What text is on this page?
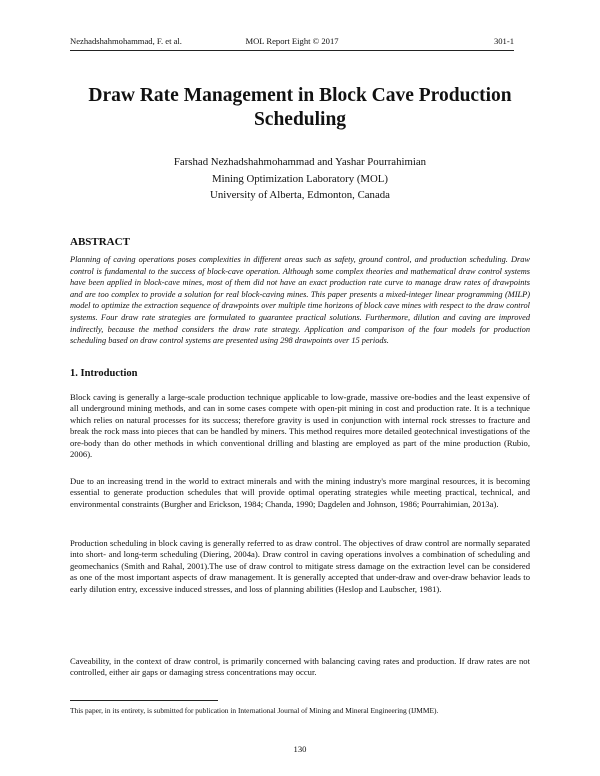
Nezhadshahmohammad, F. et al.	MOL Report Eight © 2017	301-1
Draw Rate Management in Block Cave Production Scheduling
Farshad Nezhadshahmohammad and Yashar Pourrahimian
Mining Optimization Laboratory (MOL)
University of Alberta, Edmonton, Canada
ABSTRACT
Planning of caving operations poses complexities in different areas such as safety, ground control, and production scheduling. Draw control is fundamental to the success of block-cave operation. Although some complex theories and mathematical draw control systems have been applied in block-cave mines, most of them did not have an exact production rate curve to manage draw rates of drawpoints and are too complex to provide a solution for real block-caving mines. This paper presents a mixed-integer linear programming (MILP) model to optimize the extraction sequence of drawpoints over multiple time horizons of block cave mines with respect to the draw control systems. Four draw rate strategies are formulated to guarantee practical solutions. Furthermore, dilution and caving are improved indirectly, because the method considers the draw rate strategy. Application and comparison of the four models for production scheduling based on draw control systems are presented using 298 drawpoints over 15 periods.
1. Introduction

Block caving is generally a large-scale production technique applicable to low-grade, massive ore-bodies and the least expensive of all underground mining methods, and can in some cases compete with open-pit mining in cost and production rate. It is a technique which relies on natural processes for its success; therefore gravity is used in conjunction with internal rock stresses to fracture and break the rock mass into pieces that can be handled by miners. This method requires more detailed geotechnical investigations of the ore-body than do other methods in which conventional drilling and blasting are employed as part of the mine production (Rubio, 2006).

Due to an increasing trend in the world to extract minerals and with the mining industry's more marginal resources, it is becoming essential to generate production schedules that will provide optimal operating strategies while meeting practical, technical, and environmental constraints (Burgher and Erickson, 1984; Chanda, 1990; Dagdelen and Johnson, 1986; Pourrahimian, 2013a).

Production scheduling in block caving is generally referred to as draw control. The objectives of draw control are normally separated into short- and long-term scheduling (Diering, 2004a). Draw control in caving operations involves a combination of scheduling and geomechanics (Smith and Rahal, 2001).The use of draw control to mitigate stress damage on the extraction level can be considered as one of the most important aspects of draw management. It is generally accepted that under-draw and over-draw behavior leads to early dilution entry, excessive induced stresses, and loss of planning abilities (Heslop and Laubscher, 1981).

Caveability, in the context of draw control, is primarily concerned with balancing caving rates and production. If draw rates are not controlled, either air gaps or damaging stress concentrations may occur.

This paper, in its entirety, is submitted for publication in International Journal of Mining and Mineral Engineering (IJMME).
130
